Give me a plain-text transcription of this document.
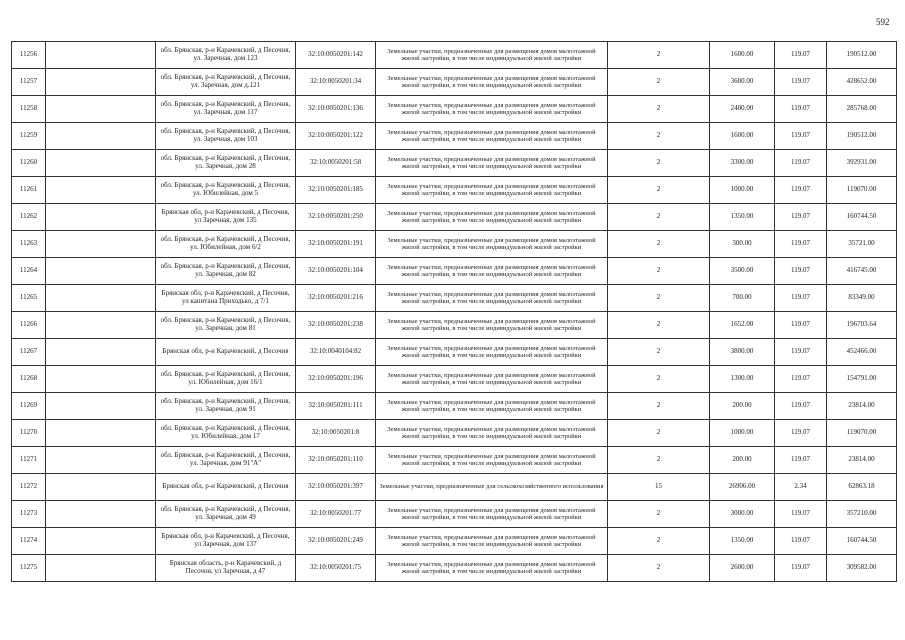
592
11256		обл. Брянская, р-н Карачевский, д Песочня, ул. Заречная, дом 123	32:10:0050201:142	Земельные участки, предназначенные для размещения домов малоэтажной жилой застройки, в том числе индивидуальной жилой застройки	2	1600.00	119.07	190512.00
11257		обл. Брянская, р-н Карачевский, д Песочня, ул. Заречная, дом д.121	32:10:0050201:34	Земельные участки, предназначенные для размещения домов малоэтажной жилой застройки, в том числе индивидуальной жилой застройки	2	3600.00	119.07	428652.00
11258		обл. Брянская, р-н Карачевский, д Песочня, ул. Заречная, дом 117	32:10:0050201:136	Земельные участки, предназначенные для размещения домов малоэтажной жилой застройки, в том числе индивидуальной жилой застройки	2	2400.00	119.07	285768.00
11259		обл. Брянская, р-н Карачевский, д Песочня, ул. Заречная, дом 103	32:10:0050201:122	Земельные участки, предназначенные для размещения домов малоэтажной жилой застройки, в том числе индивидуальной жилой застройки	2	1600.00	119.07	190512.00
11260		обл. Брянская, р-н Карачевский, д Песочня, ул. Заречная, дом 28	32:10:0050201:58	Земельные участки, предназначенные для размещения домов малоэтажной жилой застройки, в том числе индивидуальной жилой застройки	2	3300.00	119.07	392931.00
11261		обл. Брянская, р-н Карачевский, д Песочня, ул. Юбилейная, дом 5	32:10:0050201:185	Земельные участки, предназначенные для размещения домов малоэтажной жилой застройки, в том числе индивидуальной жилой застройки	2	1000.00	119.07	119070.00
11262		Брянская обл, р-н Карачевский, д Песочня, ул Заречная, дом 135	32:10:0050201:250	Земельные участки, предназначенные для размещения домов малоэтажной жилой застройки, в том числе индивидуальной жилой застройки	2	1350.00	119.07	160744.50
11263		обл. Брянская, р-н Карачевский, д Песочня, ул. Юбилейная, дом 6/2	32:10:0050201:191	Земельные участки, предназначенные для размещения домов малоэтажной жилой застройки, в том числе индивидуальной жилой застройки	2	300.00	119.07	35721.00
11264		обл. Брянская, р-н Карачевский, д Песочня, ул. Заречная, дом 82	32:10:0050201:104	Земельные участки, предназначенные для размещения домов малоэтажной жилой застройки, в том числе индивидуальной жилой застройки	2	3500.00	119.07	416745.00
11265		Брянская обл, р-н Карачевский, д Песочня, ул капитана Приходько, д 7/1	32:10:0050201:216	Земельные участки, предназначенные для размещения домов малоэтажной жилой застройки, в том числе индивидуальной жилой застройки	2	700.00	119.07	83349.00
11266		обл. Брянская, р-н Карачевский, д Песочня, ул. Заречная, дом 81	32:10:0050201:238	Земельные участки, предназначенные для размещения домов малоэтажной жилой застройки, в том числе индивидуальной жилой застройки	2	1652.00	119.07	196703.64
11267		Брянская обл, р-н Карачевский, д Песочня	32:10:0040104:82	Земельные участки, предназначенные для размещения домов малоэтажной жилой застройки, в том числе индивидуальной жилой застройки	2	3800.00	119.07	452466.00
11268		обл. Брянская, р-н Карачевский, д Песочня, ул. Юбилейная, дом 16/1	32:10:0050201:196	Земельные участки, предназначенные для размещения домов малоэтажной жилой застройки, в том числе индивидуальной жилой застройки	2	1300.00	119.07	154791.00
11269		обл. Брянская, р-н Карачевский, д Песочня, ул. Заречная, дом 91	32:10:0050201:111	Земельные участки, предназначенные для размещения домов малоэтажной жилой застройки, в том числе индивидуальной жилой застройки	2	200.00	119.07	23814.00
11270		обл. Брянская, р-н Карачевский, д Песочня, ул. Юбилейная, дом 17	32:10:0050201:8	Земельные участки, предназначенные для размещения домов малоэтажной жилой застройки, в том числе индивидуальной жилой застройки	2	1000.00	119.07	119070.00
11271		обл. Брянская, р-н Карачевский, д Песочня, ул. Заречная, дом 91"А"	32:10:0050201:110	Земельные участки, предназначенные для размещения домов малоэтажной жилой застройки, в том числе индивидуальной жилой застройки	2	200.00	119.07	23814.00
11272		Брянская обл, р-н Карачевский, д Песочня	32:10:0050201:397	Земельные участки, предназначенные для сельскохозяйственного использования	15	26906.00	2.34	62863.18
11273		обл. Брянская, р-н Карачевский, д Песочня, ул. Заречная, дом 49	32:10:0050201:77	Земельные участки, предназначенные для размещения домов малоэтажной жилой застройки, в том числе индивидуальной жилой застройки	2	3000.00	119.07	357210.00
11274		Брянская обл, р-н Карачевский, д Песочня, ул Заречная, дом 137	32:10:0050201:249	Земельные участки, предназначенные для размещения домов малоэтажной жилой застройки, в том числе индивидуальной жилой застройки	2	1350.00	119.07	160744.50
11275		Брянская область, р-н Карачевский, д Песочня, ул Заречная, д 47	32:10:0050201:75	Земельные участки, предназначенные для размещения домов малоэтажной жилой застройки, в том числе индивидуальной жилой застройки	2	2600.00	119.07	309582.00
